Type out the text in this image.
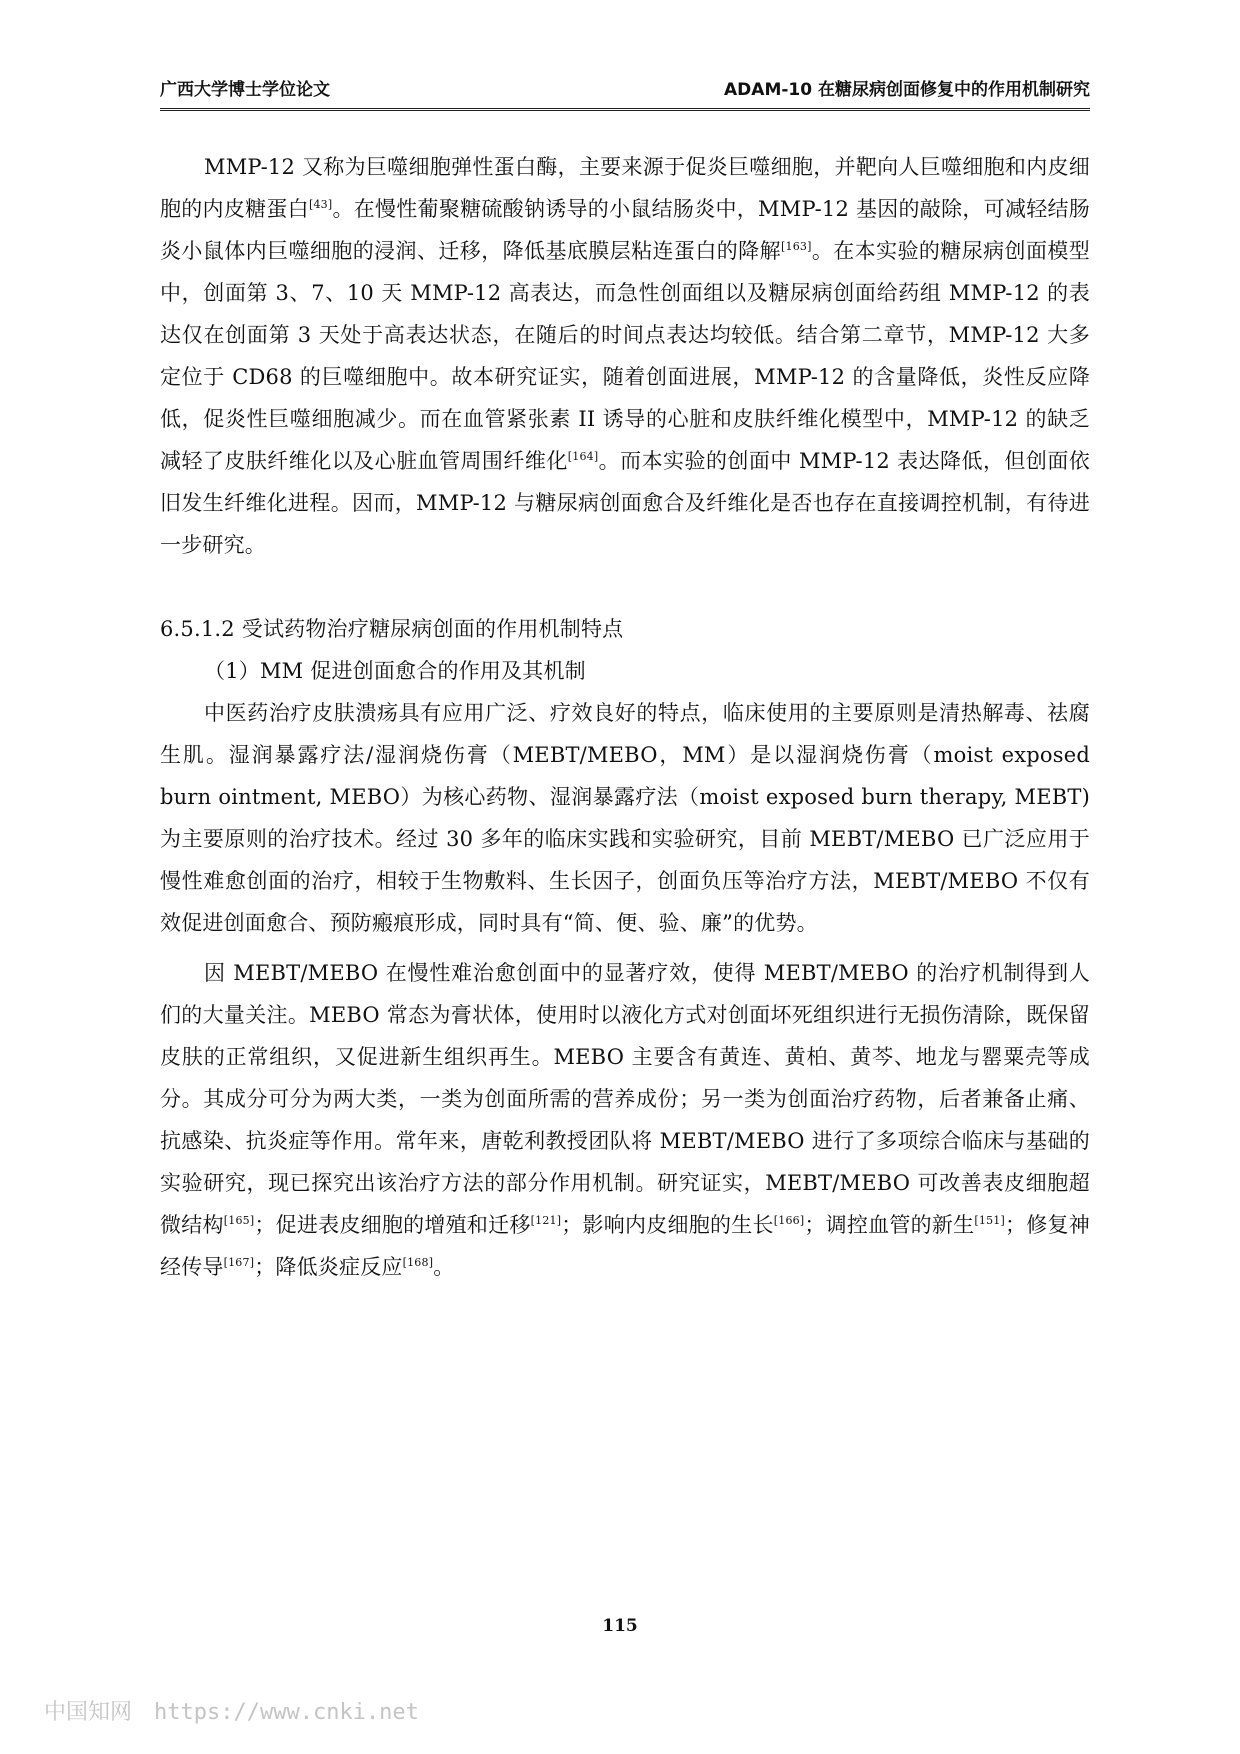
广西大学博士学位论文	ADAM-10 在糖尿病创面修复中的作用机制研究

MMP-12 又称为巨噬细胞弹性蛋白酶，主要来源于促炎巨噬细胞，并靶向人巨噬细胞和内皮细胞的内皮糖蛋白[43]。在慢性葡聚糖硫酸钠诱导的小鼠结肠炎中，MMP-12 基因的敲除，可减轻结肠炎小鼠体内巨噬细胞的浸润、迁移，降低基底膜层粘连蛋白的降解[163]。在本实验的糖尿病创面模型中，创面第 3、7、10 天 MMP-12 高表达，而急性创面组以及糖尿病创面给药组 MMP-12 的表达仅在创面第 3 天处于高表达状态，在随后的时间点表达均较低。结合第二章节，MMP-12 大多定位于 CD68 的巨噬细胞中。故本研究证实，随着创面进展，MMP-12 的含量降低，炎性反应降低，促炎性巨噬细胞减少。而在血管紧张素 II 诱导的心脏和皮肤纤维化模型中，MMP-12 的缺乏减轻了皮肤纤维化以及心脏血管周围纤维化[164]。而本实验的创面中 MMP-12 表达降低，但创面依旧发生纤维化进程。因而，MMP-12 与糖尿病创面愈合及纤维化是否也存在直接调控机制，有待进一步研究。

6.5.1.2 受试药物治疗糖尿病创面的作用机制特点

（1）MM 促进创面愈合的作用及其机制

中医药治疗皮肤溃疡具有应用广泛、疗效良好的特点，临床使用的主要原则是清热解毒、祛腐生肌。湿润暴露疗法/湿润烧伤膏（MEBT/MEBO，MM）是以湿润烧伤膏（moist exposed burn ointment, MEBO）为核心药物、湿润暴露疗法（moist exposed burn therapy, MEBT)为主要原则的治疗技术。经过 30 多年的临床实践和实验研究，目前 MEBT/MEBO 已广泛应用于慢性难愈创面的治疗，相较于生物敷料、生长因子，创面负压等治疗方法，MEBT/MEBO 不仅有效促进创面愈合、预防瘢痕形成，同时具有“简、便、验、廉”的优势。

因 MEBT/MEBO 在慢性难治愈创面中的显著疗效，使得 MEBT/MEBO 的治疗机制得到人们的大量关注。MEBO 常态为膏状体，使用时以液化方式对创面坏死组织进行无损伤清除，既保留皮肤的正常组织，又促进新生组织再生。MEBO 主要含有黄连、黄柏、黄芩、地龙与罂粟壳等成分。其成分可分为两大类，一类为创面所需的营养成份；另一类为创面治疗药物，后者兼备止痛、抗感染、抗炎症等作用。常年来，唐乾利教授团队将 MEBT/MEBO 进行了多项综合临床与基础的实验研究，现已探究出该治疗方法的部分作用机制。研究证实，MEBT/MEBO 可改善表皮细胞超微结构[165]；促进表皮细胞的增殖和迁移[121]；影响内皮细胞的生长[166]；调控血管的新生[151]；修复神经传导[167]；降低炎症反应[168]。

115
中国知网 https://www.cnki.net
